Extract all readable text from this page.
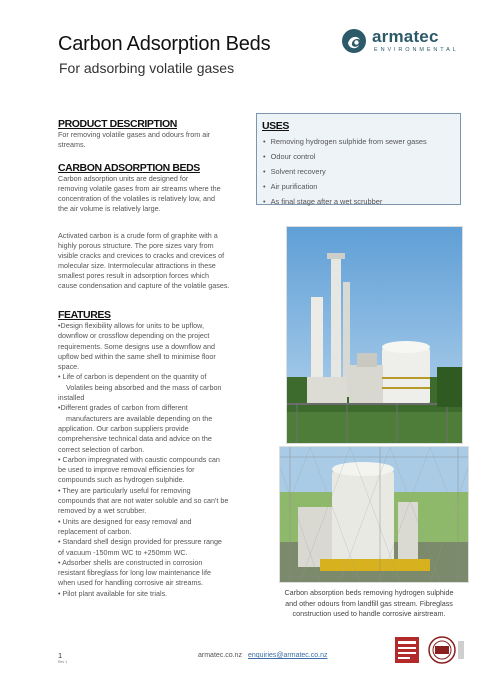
Carbon Adsorption Beds
For adsorbing volatile gases
armatec
ENVIRONMENTAL
PRODUCT DESCRIPTION
For removing volatile gases and odours from air
streams.
CARBON ADSORPTION BEDS
Carbon adsorption units are designed for
removing volatile gases from air streams where the
concentration of the volatiles is relatively low, and
the air volume is relatively large.
Activated carbon is a crude form of graphite with a
highly porous structure. The pore sizes vary from
visible cracks and crevices to cracks and crevices of
molecular size. Intermolecular attractions in these
smallest pores result in adsorption forces which
cause condensation and capture of the volatile gases.
FEATURES

•Design flexibility allows for units to be upflow,

downflow or crossflow depending on the project

requirements. Some designs use a downflow and

upflow bed within the same shell to minimise floor

space.

• Life of carbon is dependent on the quantity of

Volatiles being absorbed and the mass of carbon

installed

•Different grades of carbon from different

manufacturers are available depending on the

application. Our carbon suppliers provide

comprehensive technical data and advice on the

correct selection of carbon.

• Carbon impregnated with caustic compounds can

be used to improve removal efficiencies for

compounds such as hydrogen sulphide.

• They are particularly useful for removing

compounds that are not water soluble and so can't be

removed by a wet scrubber.

• Units are designed for easy removal and

replacement of carbon.

• Standard shell design provided for pressure range

of vacuum -150mm WC to +250mm WC.

• Adsorber shells are constructed in corrosion

resistant fibreglass for long low maintenance life

when used for handling corrosive air streams.

• Pilot plant available for site trials.

USES
• Removing hydrogen sulphide from sewer gases
• Odour control
• Solvent recovery
• Air purification
• As final stage after a wet scrubber
Carbon absorption beds removing hydrogen sulphide
and other odours from landfill gas stream. Fibreglass
construction used to handle corrosive airstream.
1
Rev 1
armatec.co.nz enquiries@armatec.co.nz
